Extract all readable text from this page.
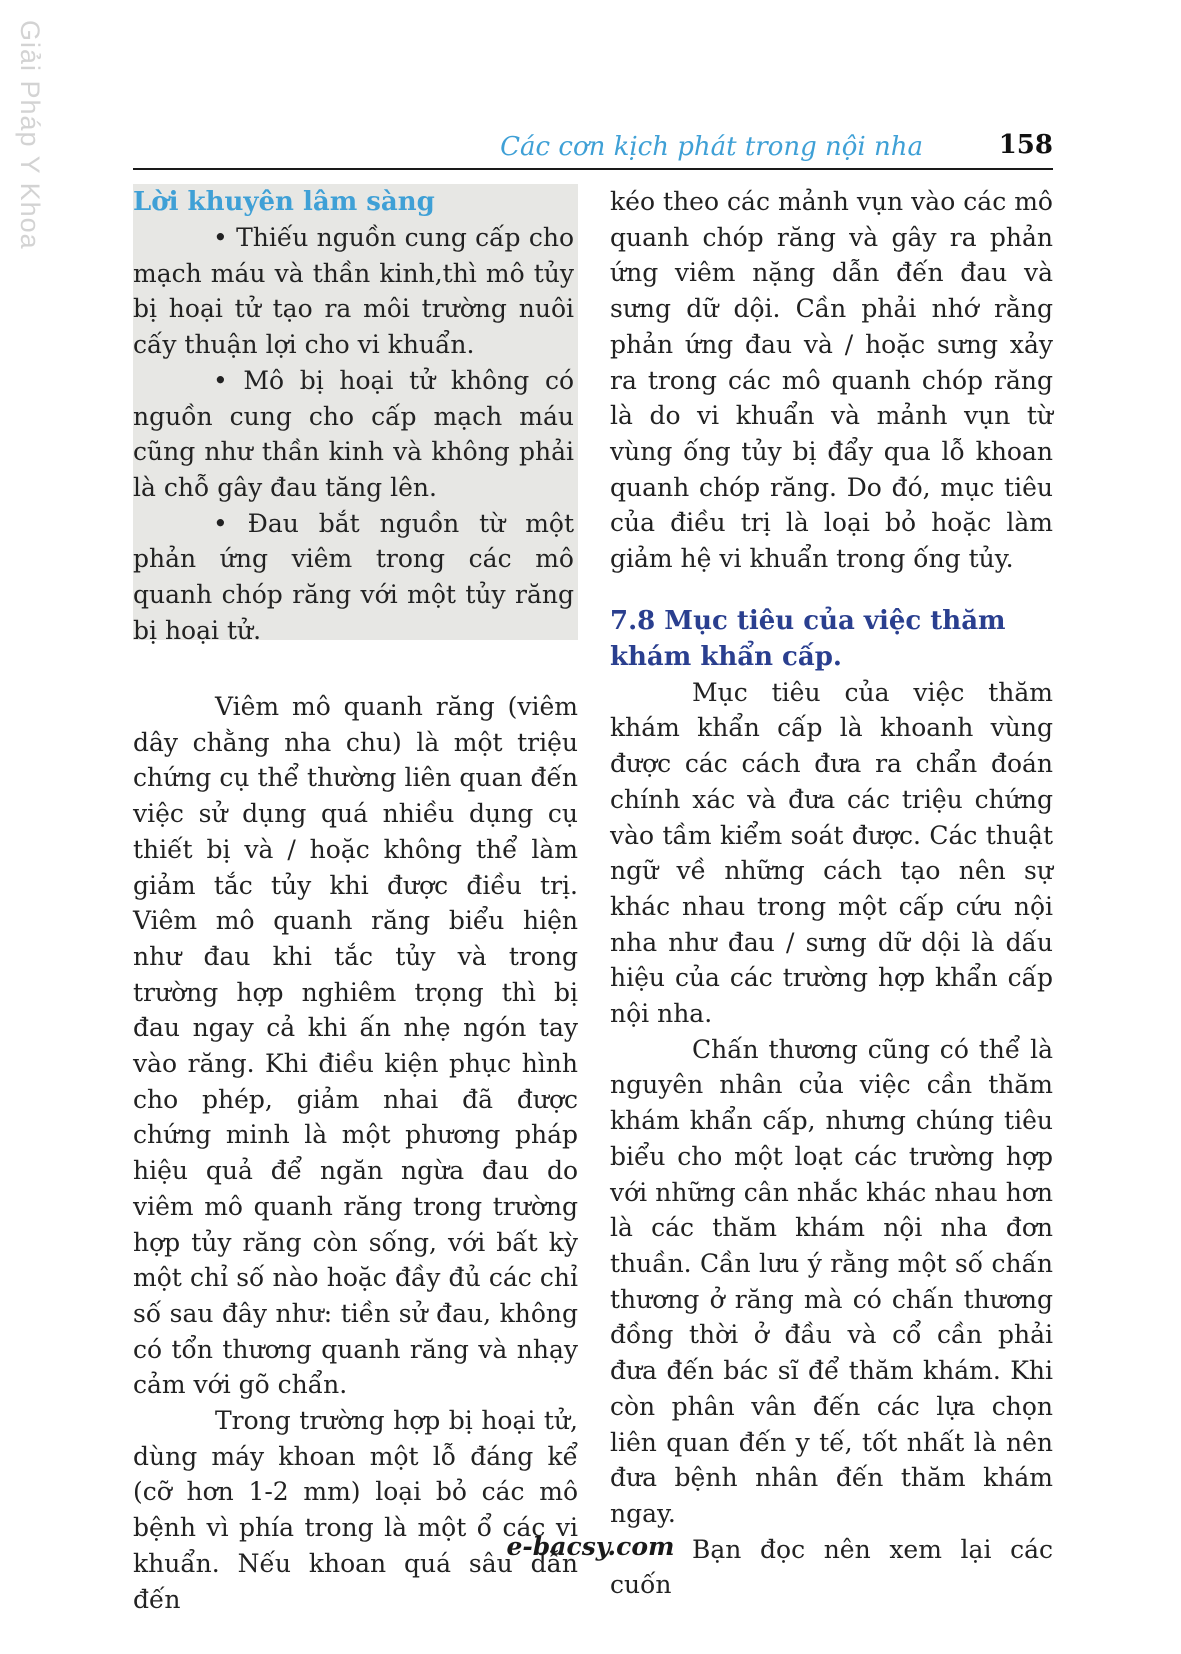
Giải Pháp Y Khoa	Các cơn kịch phát trong nội nha	158
Lời khuyên lâm sàng

• Thiếu nguồn cung cấp cho mạch máu và thần kinh,thì mô tủy bị hoại tử tạo ra môi trường nuôi cấy thuận lợi cho vi khuẩn.

• Mô bị hoại tử không có nguồn cung cho cấp mạch máu cũng như thần kinh và không phải là chỗ gây đau tăng lên.

• Đau bắt nguồn từ một phản ứng viêm trong các mô quanh chóp răng với một tủy răng bị hoại tử.

Viêm mô quanh răng (viêm dây chằng nha chu) là một triệu chứng cụ thể thường liên quan đến việc sử dụng quá nhiều dụng cụ thiết bị và / hoặc không thể làm giảm tắc tủy khi được điều trị. Viêm mô quanh răng biểu hiện như đau khi tắc tủy và trong trường hợp nghiêm trọng thì bị đau ngay cả khi ấn nhẹ ngón tay vào răng. Khi điều kiện phục hình cho phép, giảm nhai đã được chứng minh là một phương pháp hiệu quả để ngăn ngừa đau do viêm mô quanh răng trong trường hợp tủy răng còn sống, với bất kỳ một chỉ số nào hoặc đầy đủ các chỉ số sau đây như: tiền sử đau, không có tổn thương quanh răng và nhạy cảm với gõ chẩn.

Trong trường hợp bị hoại tử, dùng máy khoan một lỗ đáng kể (cỡ hơn 1-2 mm) loại bỏ các mô bệnh vì phía trong là một ổ các vi khuẩn. Nếu khoan quá sâu dẫn đến

kéo theo các mảnh vụn vào các mô quanh chóp răng và gây ra phản ứng viêm nặng dẫn đến đau và sưng dữ dội. Cần phải nhớ rằng phản ứng đau và / hoặc sưng xảy ra trong các mô quanh chóp răng là do vi khuẩn và mảnh vụn từ vùng ống tủy bị đẩy qua lỗ khoan quanh chóp răng. Do đó, mục tiêu của điều trị là loại bỏ hoặc làm giảm hệ vi khuẩn trong ống tủy.

7.8 Mục tiêu của việc thăm khám khẩn cấp.

Mục tiêu của việc thăm khám khẩn cấp là khoanh vùng được các cách đưa ra chẩn đoán chính xác và đưa các triệu chứng vào tầm kiểm soát được. Các thuật ngữ về những cách tạo nên sự khác nhau trong một cấp cứu nội nha như đau / sưng dữ dội là dấu hiệu của các trường hợp khẩn cấp nội nha.

Chấn thương cũng có thể là nguyên nhân của việc cần thăm khám khẩn cấp, nhưng chúng tiêu biểu cho một loạt các trường hợp với những cân nhắc khác nhau hơn là các thăm khám nội nha đơn thuần. Cần lưu ý rằng một số chấn thương ở răng mà có chấn thương đồng thời ở đầu và cổ cần phải đưa đến bác sĩ để thăm khám. Khi còn phân vân đến các lựa chọn liên quan đến y tế, tốt nhất là nên đưa bệnh nhân đến thăm khám ngay.

Bạn đọc nên xem lại các cuốn

e-bacsy.com
